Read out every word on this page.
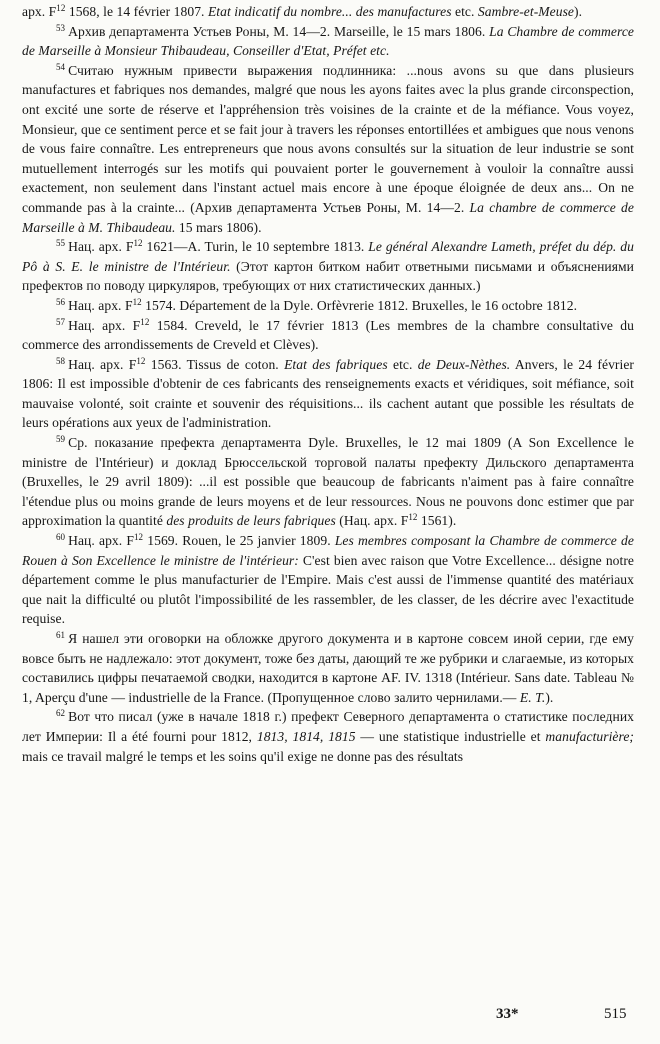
арх. $F^{12}$ 1568, le 14 février 1807. Etat indicatif du nombre... des manufactures etc. Sambre-et-Meuse).

$^{53}$ Архив департамента Устьев Роны, М. 14—2. Marseille, le 15 mars 1806. La Chambre de commerce de Marseille à Monsieur Thibaudeau, Conseiller d'Etat, Préfet etc.

$^{54}$ Считаю нужным привести выражения подлинника: ...nous avons su que dans plusieurs manufactures et fabriques nos demandes, malgré que nous les ayons faites avec la plus grande circonspection, ont excité une sorte de réserve et l'appréhension très voisines de la crainte et de la méfiance. Vous voyez, Monsieur, que ce sentiment perce et se fait jour à travers les réponses entortillées et ambigues que nous venons de vous faire connaître. Les entrepreneurs que nous avons consultés sur la situation de leur industrie se sont mutuellement interrogés sur les motifs qui pouvaient porter le gouvernement à vouloir la connaître aussi exactement, non seulement dans l'instant actuel mais encore à une époque éloignée de deux ans... On ne commande pas à la crainte... (Архив департамента Устьев Роны, М. 14—2. La chambre de commerce de Marseille à M. Thibaudeau. 15 mars 1806).

$^{55}$ Нац. арх. $F^{12}$ 1621—A. Turin, le 10 septembre 1813. Le général Alexandre Lameth, préfet du dép. du Pô à S. E. le ministre de l'Intérieur. (Этот картон битком набит ответными письмами и объяснениями префектов по поводу циркуляров, требующих от них статистических данных.)

$^{56}$ Нац. арх. $F^{12}$ 1574. Département de la Dyle. Orfèvrerie 1812. Bruxelles, le 16 octobre 1812.

$^{57}$ Нац. арх. $F^{12}$ 1584. Creveld, le 17 février 1813 (Les membres de la chambre consultative du commerce des arrondissements de Creveld et Clèves).

$^{58}$ Нац. арх. $F^{12}$ 1563. Tissus de coton. Etat des fabriques etc. de Deux-Nèthes. Anvers, le 24 février 1806: Il est impossible d'obtenir de ces fabricants des renseignements exacts et véridiques, soit méfiance, soit mauvaise volonté, soit crainte et souvenir des réquisitions... ils cachent autant que possible les résultats de leurs opérations aux yeux de l'administration.

$^{59}$ Ср. показание префекта департамента Dyle. Bruxelles, le 12 mai 1809 (A Son Excellence le ministre de l'Intérieur) и доклад Брюссельской торговой палаты префекту Дильского департамента (Bruxelles, le 29 avril 1809): ...il est possible que beaucoup de fabricants n'aiment pas à faire connaître l'étendue plus ou moins grande de leurs moyens et de leur ressources. Nous ne pouvons donc estimer que par approximation la quantité des produits de leurs fabriques (Нац. арх. $F^{12}$ 1561).

$^{60}$ Нац. арх. $F^{12}$ 1569. Rouen, le 25 janvier 1809. Les membres composant la Chambre de commerce de Rouen à Son Excellence le ministre de l'intérieur: C'est bien avec raison que Votre Excellence... désigne notre département comme le plus manufacturier de l'Empire. Mais c'est aussi de l'immense quantité des matériaux que nait la difficulté ou plutôt l'impossibilité de les rassembler, de les classer, de les décrire avec l'exactitude requise.

$^{61}$ Я нашел эти оговорки на обложке другого документа и в картоне совсем иной серии, где ему вовсе быть не надлежало: этот документ, тоже без даты, дающий те же рубрики и слагаемые, из которых составились цифры печатаемой сводки, находится в картоне AF. IV. 1318 (Intérieur. Sans date. Tableau № 1, Aperçu d'une — industrielle de la France. (Пропущенное слово залито чернилами.— Е. Т.).

$^{62}$ Вот что писал (уже в начале 1818 г.) префект Северного департамента о статистике последних лет Империи: Il a été fourni pour 1812, 1813, 1814, 1815 — une statistique industrielle et manufacturière; mais ce travail malgré le temps et les soins qu'il exige ne donne pas des résultats

33*	515
